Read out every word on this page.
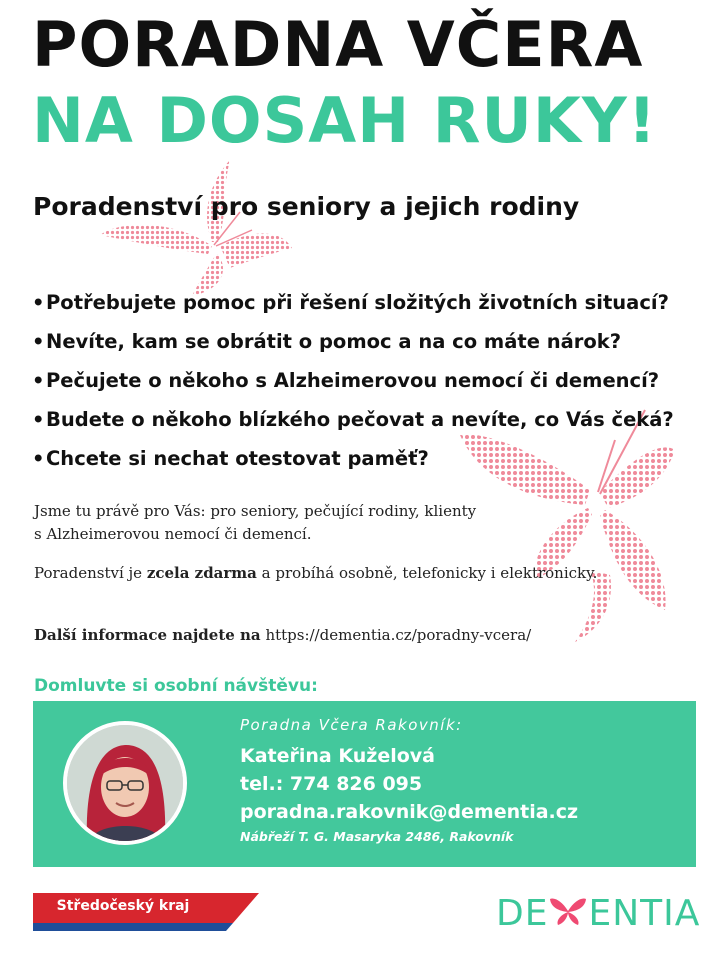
PORADNA VČERA
NA DOSAH RUKY!
Poradenství pro seniory a jejich rodiny
•Potřebujete pomoc při řešení složitých životních situací?
•Nevíte, kam se obrátit o pomoc a na co máte nárok?
•Pečujete o někoho s Alzheimerovou nemocí či demencí?
•Budete o někoho blízkého pečovat a nevíte, co Vás čeká?
•Chcete si nechat otestovat paměť?
Jsme tu právě pro Vás: pro seniory, pečující rodiny, klienty
s Alzheimerovou nemocí či demencí.
Poradenství je zcela zdarma a probíhá osobně, telefonicky i elektronicky.
Další informace najdete na https://dementia.cz/poradny-vcera/
Domluvte si osobní návštěvu:
Poradna Včera Rakovník:
Kateřina Kuželová
tel.: 774 826 095
poradna.rakovnik@dementia.cz
Nábřeží T. G. Masaryka 2486, Rakovník
Středočeský kraj	DE ENTIA
